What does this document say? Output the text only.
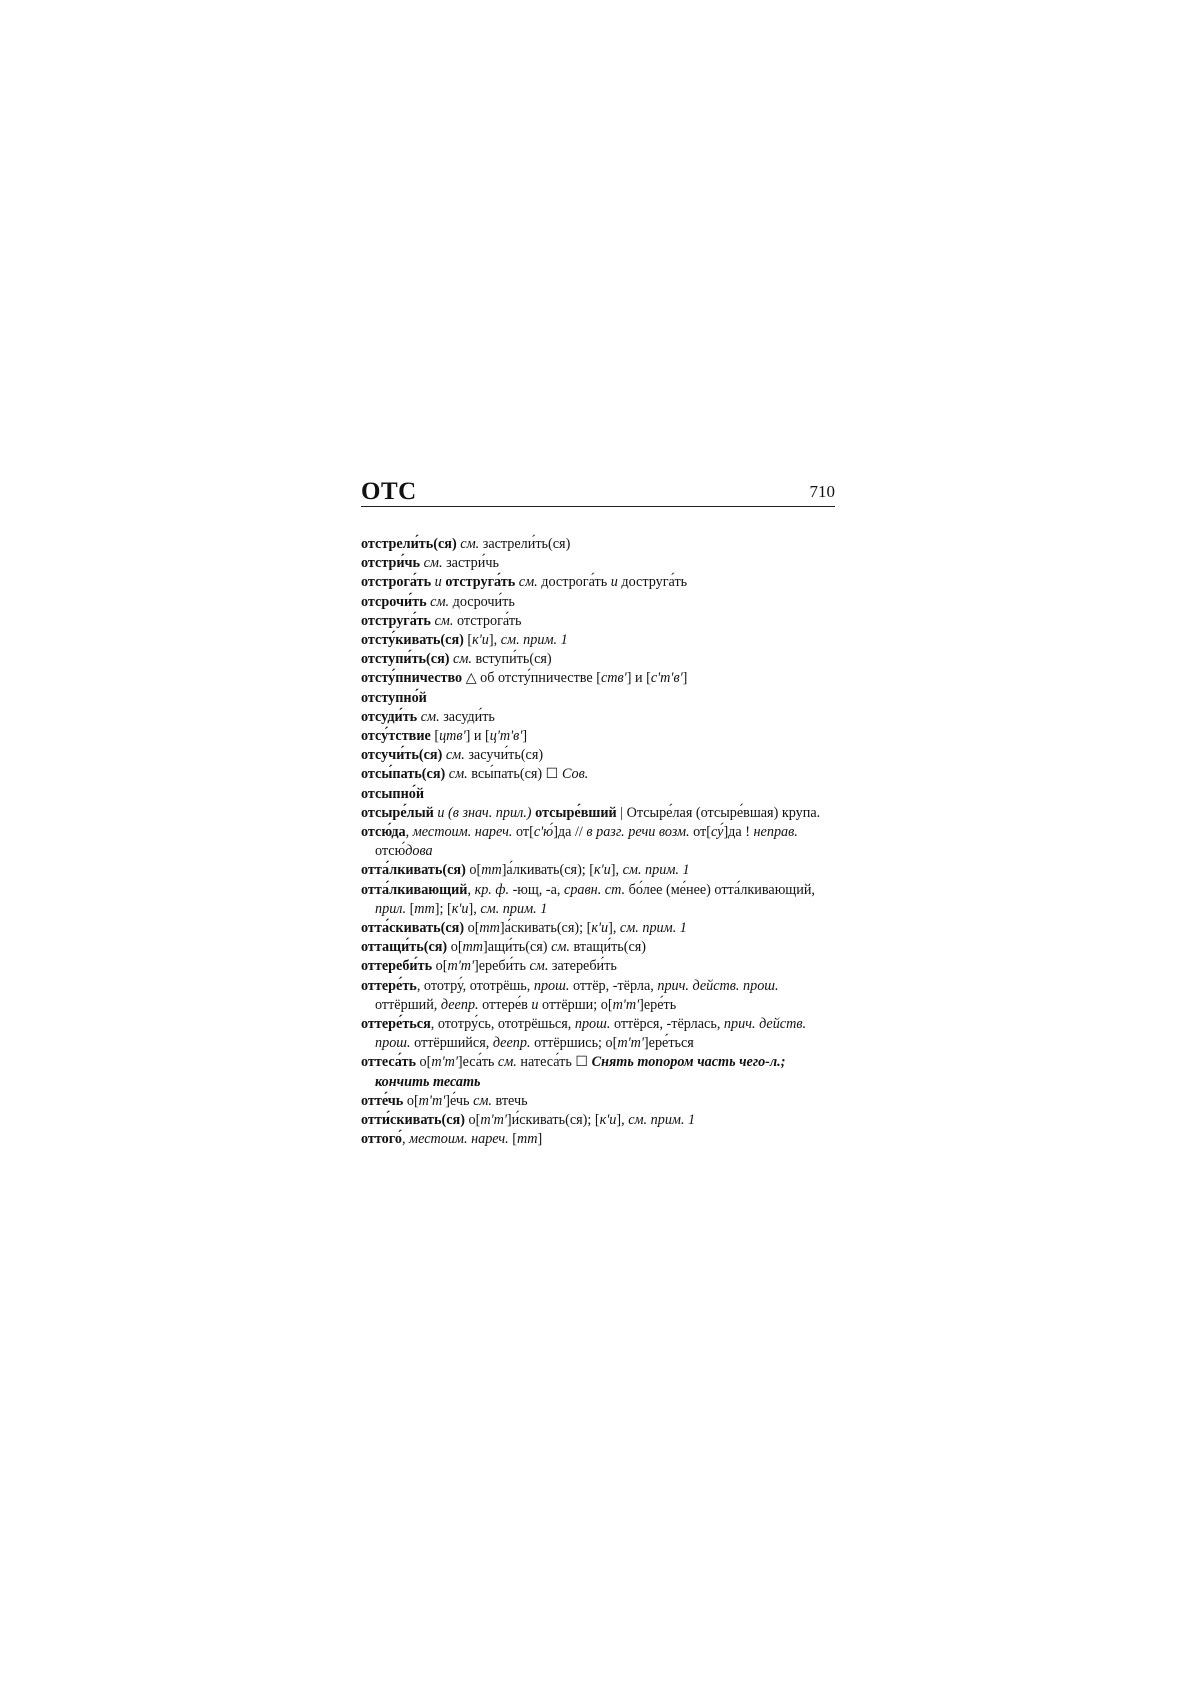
ОТС	710
отстрели́ть(ся) см. застрели́ть(ся)
отстри́чь см. застри́чь
отстрога́ть и отструга́ть см. дострога́ть и доструга́ть
отсрочи́ть см. досрочи́ть
отструга́ть см. отстрога́ть
отсту́кивать(ся) [к'и], см. прим. 1
отступи́ть(ся) см. вступи́ть(ся)
отсту́пничество △ об отсту́пничестве [ств'] и [с'т'в']
отступно́й
отсуди́ть см. засуди́ть
отсу́тствие [цтв'] и [ц'т'в']
отсучи́ть(ся) см. засучи́ть(ся)
отсы́пать(ся) см. всы́пать(ся) ☐ Сов.
отсыпно́й
отсыре́лый и (в знач. прил.) отсыре́вший | Отсыре́лая (отсыре́вшая) крупа.
отсю́да, местоим. нареч. от[с'ю́]да // в разг. речи возм. от[су́]да ! неправ. отсю́дова
отта́лкивать(ся) о[тт]а́лкивать(ся); [к'и], см. прим. 1
отта́лкивающий, кр. ф. -ющ, -а, сравн. ст. бо́лее (ме́нее) отта́лкивающий, прил. [тт]; [к'и], см. прим. 1
отта́скивать(ся) о[тт]а́скивать(ся); [к'и], см. прим. 1
оттащи́ть(ся) о[тт]ащи́ть(ся) см. втащи́ть(ся)
оттереби́ть о[т'т']ереби́ть см. затереби́ть
оттере́ть, ототру́, ототрёшь, прош. оттёр, -тёрла, прич. действ. прош. оттёрший, деепр. оттере́в и оттёрши; о[т'т']ере́ть
оттере́ться, ототру́сь, ототрёшься, прош. оттёрся, -тёрлась, прич. действ. прош. оттёршийся, деепр. оттёршись; о[т'т']ере́ться
оттеса́ть о[т'т']еса́ть см. натеса́ть ☐ Снять топором часть чего-л.; кончить тесать
отте́чь о[т'т']е́чь см. втечь
отти́скивать(ся) о[т'т']и́скивать(ся); [к'и], см. прим. 1
оттого́, местоим. нареч. [тт]
